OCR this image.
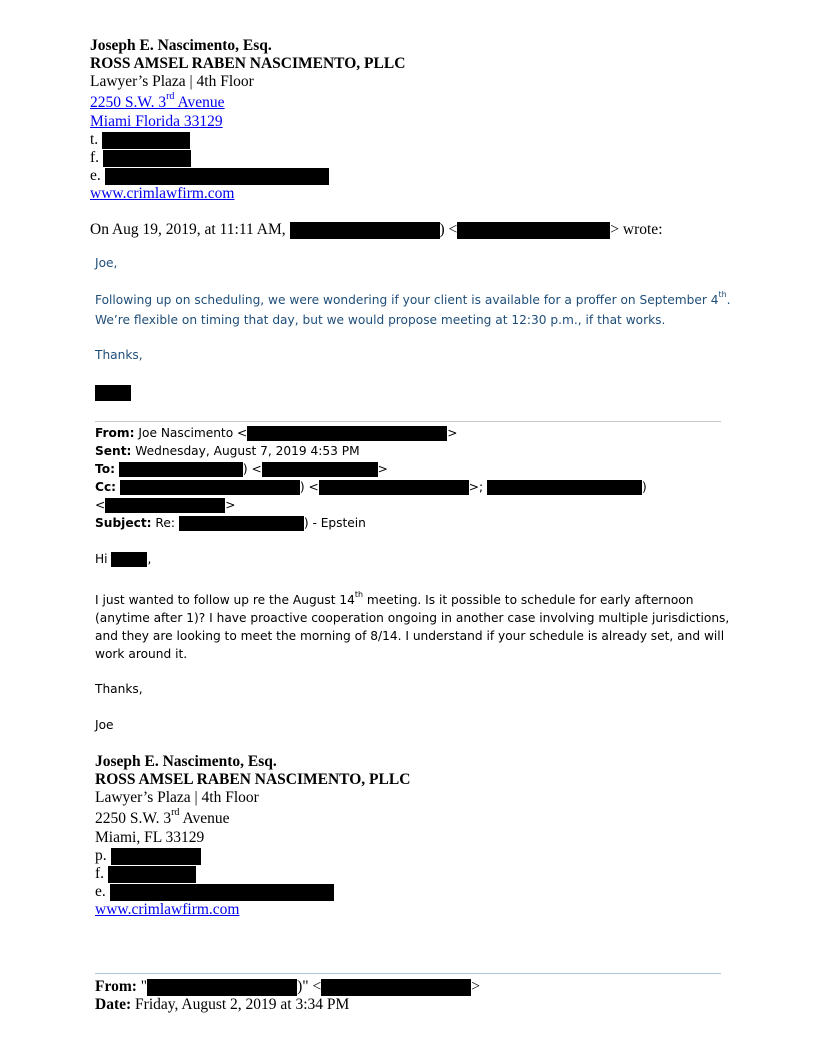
Joseph E. Nascimento, Esq.
ROSS AMSEL RABEN NASCIMENTO, PLLC
Lawyer’s Plaza | 4th Floor
2250 S.W. 3rd Avenue
Miami Florida 33129
t.
f.
e.
www.crimlawfirm.com
On Aug 19, 2019, at 11:11 AM,	) <	> wrote:
Joe,
Following up on scheduling, we were wondering if your client is available for a proffer on September 4th.
We’re flexible on timing that day, but we would propose meeting at 12:30 p.m., if that works.
Thanks,
From: Joe Nascimento <	>
Sent: Wednesday, August 7, 2019 4:53 PM
To:	) <	>
Cc:	) <	>;	)
<	>
Subject: Re:	) - Epstein
Hi	,
I just wanted to follow up re the August 14th meeting. Is it possible to schedule for early afternoon
(anytime after 1)? I have proactive cooperation ongoing in another case involving multiple jurisdictions,
and they are looking to meet the morning of 8/14. I understand if your schedule is already set, and will
work around it.
Thanks,
Joe
Joseph E. Nascimento, Esq.
ROSS AMSEL RABEN NASCIMENTO, PLLC
Lawyer’s Plaza | 4th Floor
2250 S.W. 3rd Avenue
Miami, FL 33129
p.
f.
e.
www.crimlawfirm.com
From: "	)" <	>
Date: Friday, August 2, 2019 at 3:34 PM
